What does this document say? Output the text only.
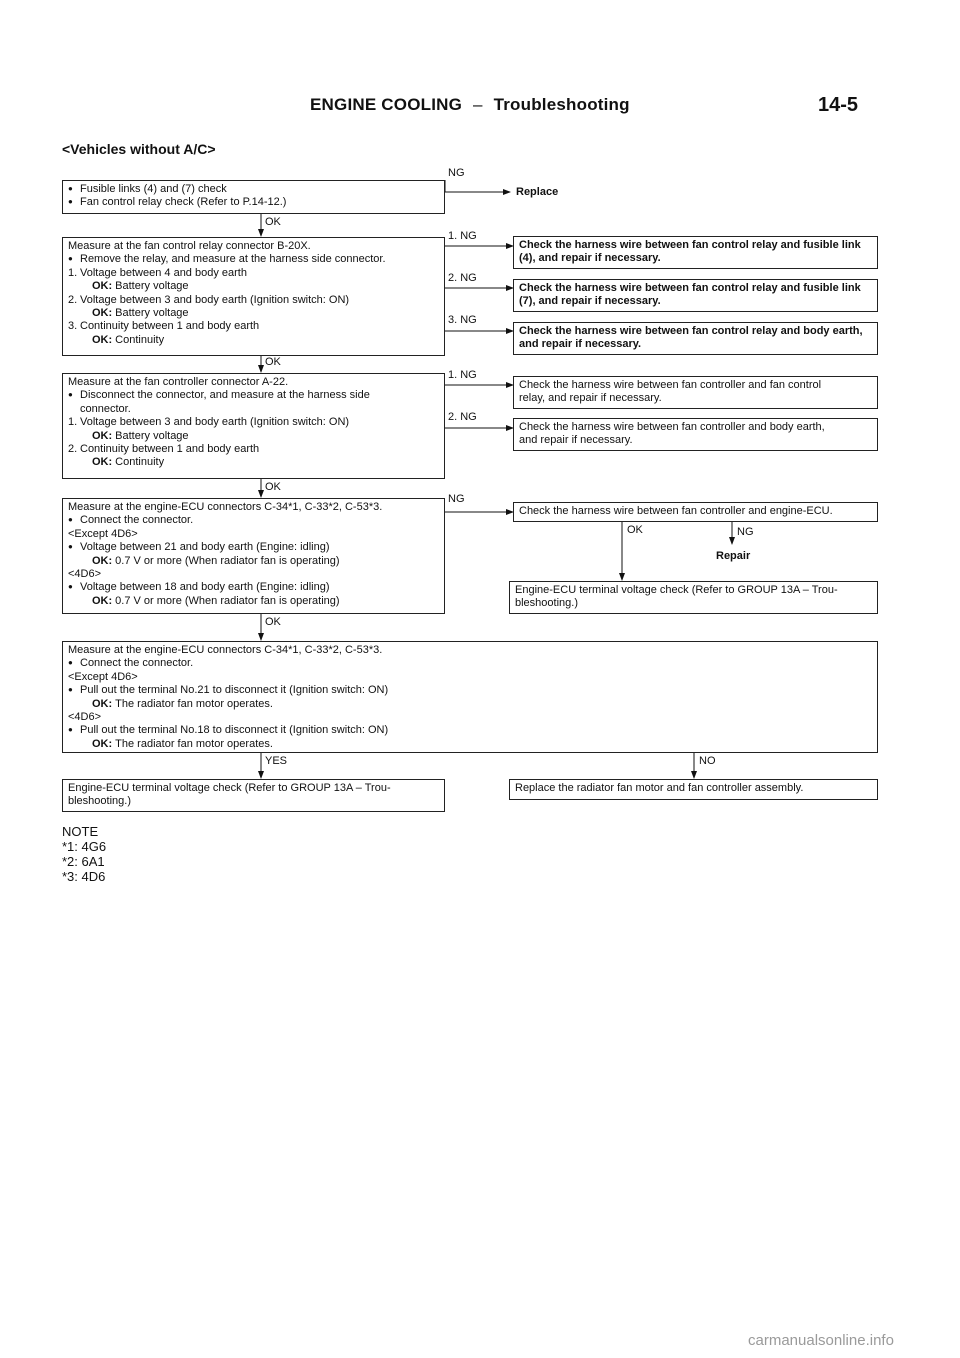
ENGINE COOLING – Troubleshooting	14-5
<Vehicles without A/C>
● Fusible links (4) and (7) check
● Fan control relay check (Refer to P.14-12.)
NG
Replace
OK
Measure at the fan control relay connector B-20X.
● Remove the relay, and measure at the harness side connector.
1. Voltage between 4 and body earth
OK: Battery voltage
2. Voltage between 3 and body earth (Ignition switch: ON)
OK: Battery voltage
3. Continuity between 1 and body earth
OK: Continuity
1. NG
2. NG
3. NG
Check the harness wire between fan control relay and fusible link
(4), and repair if necessary.
Check the harness wire between fan control relay and fusible link
(7), and repair if necessary.
Check the harness wire between fan control relay and body earth,
and repair if necessary.
OK
Measure at the fan controller connector A-22.
● Disconnect the connector, and measure at the harness side
connector.
1. Voltage between 3 and body earth (Ignition switch: ON)
OK: Battery voltage
2. Continuity between 1 and body earth
OK: Continuity
1. NG
2. NG
Check the harness wire between fan controller and fan control
relay, and repair if necessary.
Check the harness wire between fan controller and body earth,
and repair if necessary.
OK
Measure at the engine-ECU connectors C-34*1, C-33*2, C-53*3.
● Connect the connector.
<Except 4D6>
● Voltage between 21 and body earth (Engine: idling)
OK: 0.7 V or more (When radiator fan is operating)
<4D6>
● Voltage between 18 and body earth (Engine: idling)
OK: 0.7 V or more (When radiator fan is operating)
NG
Check the harness wire between fan controller and engine-ECU.
OK	NG
Repair
Engine-ECU terminal voltage check (Refer to GROUP 13A – Trou-
bleshooting.)
OK
Measure at the engine-ECU connectors C-34*1, C-33*2, C-53*3.
● Connect the connector.
<Except 4D6>
● Pull out the terminal No.21 to disconnect it (Ignition switch: ON)
OK: The radiator fan motor operates.
<4D6>
● Pull out the terminal No.18 to disconnect it (Ignition switch: ON)
OK: The radiator fan motor operates.
YES	NO
Engine-ECU terminal voltage check (Refer to GROUP 13A – Trou-
bleshooting.)
Replace the radiator fan motor and fan controller assembly.
NOTE
*1: 4G6
*2: 6A1
*3: 4D6
carmanualsonline.info
